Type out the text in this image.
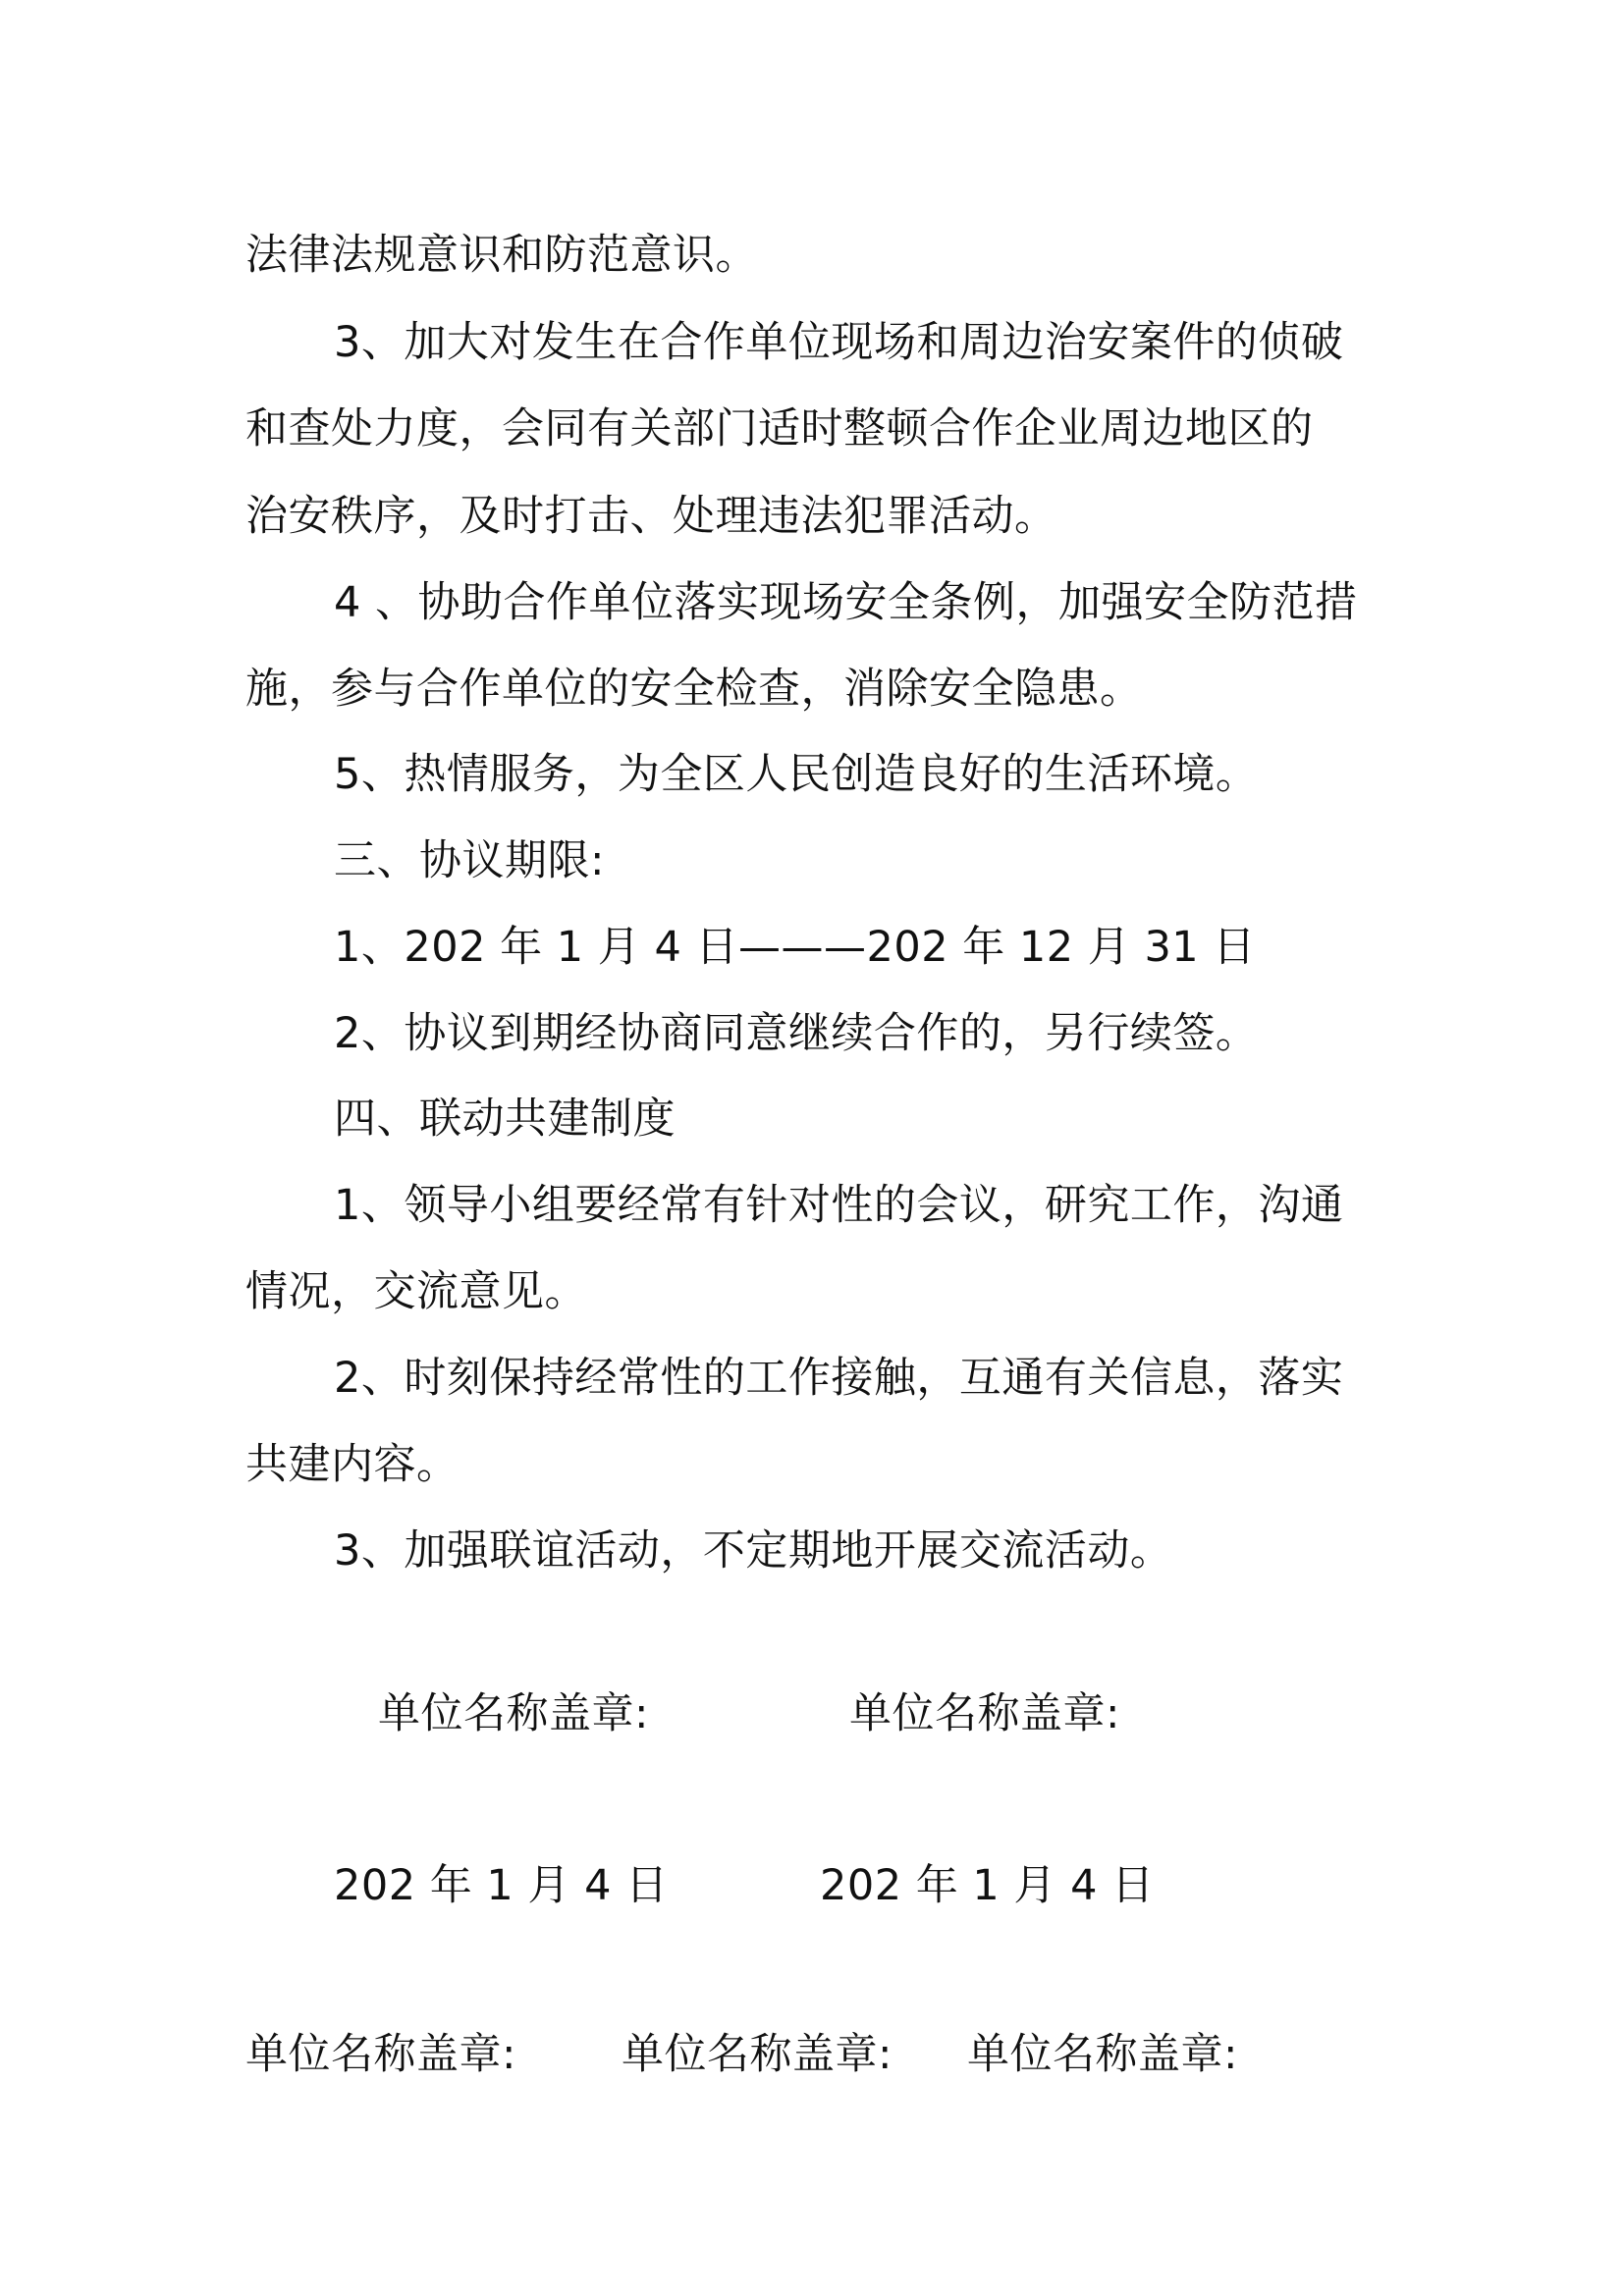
法律法规意识和防范意识。
3、加大对发生在合作单位现场和周边治安案件的侦破
和查处力度，会同有关部门适时整顿合作企业周边地区的
治安秩序，及时打击、处理违法犯罪活动。
4 、协助合作单位落实现场安全条例，加强安全防范措
施，参与合作单位的安全检查，消除安全隐患。
5、热情服务，为全区人民创造良好的生活环境。
三、协议期限:
1、202 年 1 月 4 日———202 年 12 月 31 日
2、协议到期经协商同意继续合作的，另行续签。
四、联动共建制度
1、领导小组要经常有针对性的会议，研究工作，沟通
情况，交流意见。
2、时刻保持经常性的工作接触，互通有关信息，落实
共建内容。
3、加强联谊活动，不定期地开展交流活动。
单位名称盖章:	单位名称盖章:
202 年 1 月 4 日	202 年 1 月 4 日
单位名称盖章: 单位名称盖章: 单位名称盖章:
